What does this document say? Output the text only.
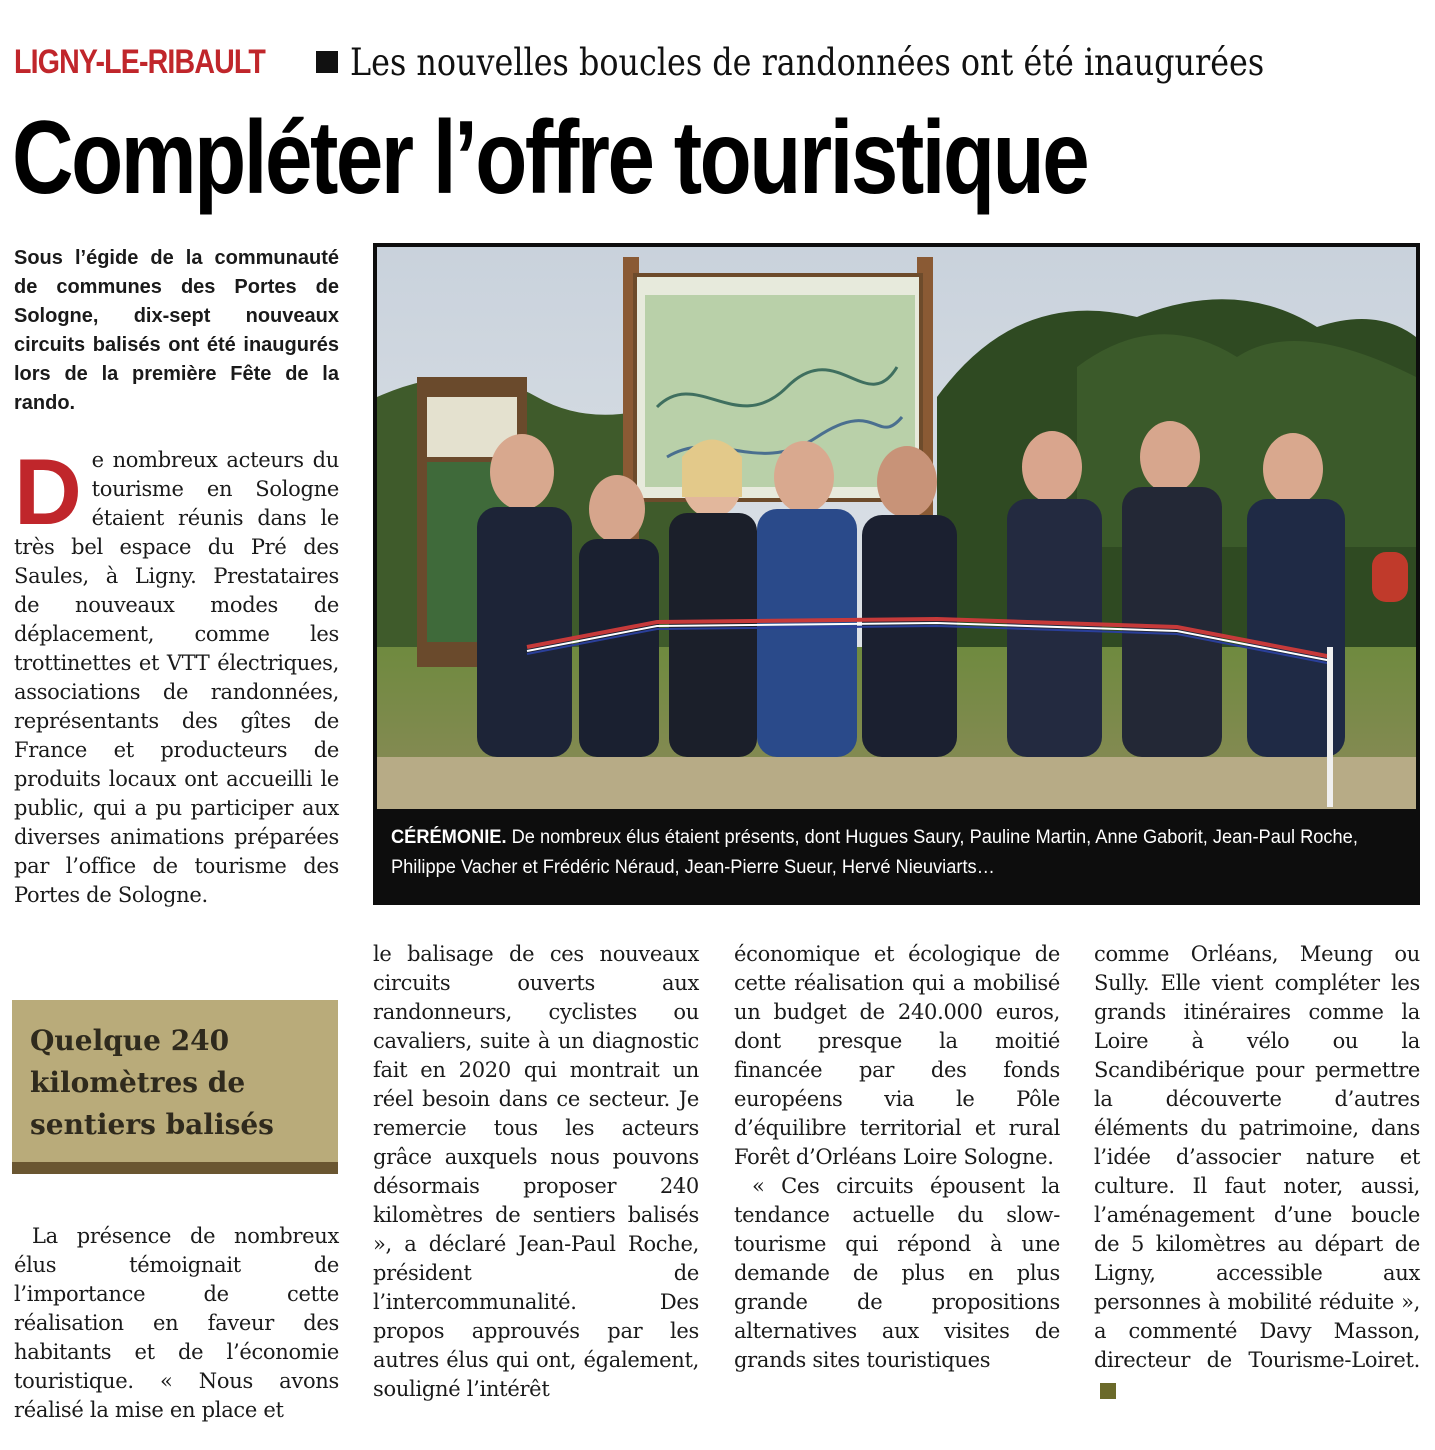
LIGNY-LE-RIBAULT Les nouvelles boucles de randonnées ont été inaugurées
Compléter l’offre touristique
Sous l’égide de la communauté de communes des Portes de Sologne, dix-sept nouveaux circuits balisés ont été inaugurés lors de la première Fête de la rando.

D e nombreux acteurs du tourisme en Sologne étaient réunis dans le très bel espace du Pré des Saules, à Ligny. Prestataires de nouveaux modes de déplacement, comme les trottinettes et VTT électriques, associations de randonnées, représentants des gîtes de France et producteurs de produits locaux ont accueilli le public, qui a pu participer aux diverses animations préparées par l’office de tourisme des Portes de Sologne.

Quelque 240 kilomètres de sentiers balisés

La présence de nombreux élus témoignait de l’importance de cette réalisation en faveur des habitants et de l’économie touristique. « Nous avons réalisé la mise en place et

le balisage de ces nouveaux circuits ouverts aux randonneurs, cyclistes ou cavaliers, suite à un diagnostic fait en 2020 qui montrait un réel besoin dans ce secteur. Je remercie tous les acteurs grâce auxquels nous pouvons désormais proposer 240 kilomètres de sentiers balisés », a déclaré Jean-Paul Roche, président de l’intercommunalité. Des propos approuvés par les autres élus qui ont, également, souligné l’intérêt

économique et écologique de cette réalisation qui a mobilisé un budget de 240.000 euros, dont presque la moitié financée par des fonds européens via le Pôle d’équilibre territorial et rural Forêt d’Orléans Loire Sologne.

« Ces circuits épousent la tendance actuelle du slow-tourisme qui répond à une demande de plus en plus grande de propositions alternatives aux visites de grands sites touristiques

comme Orléans, Meung ou Sully. Elle vient compléter les grands itinéraires comme la Loire à vélo ou la Scandibérique pour permettre la découverte d’autres éléments du patrimoine, dans l’idée d’associer nature et culture. Il faut noter, aussi, l’aménagement d’une boucle de 5 kilomètres au départ de Ligny, accessible aux personnes à mobilité réduite », a commenté Davy Masson, directeur de Tourisme-Loiret.

CÉRÉMONIE. De nombreux élus étaient présents, dont Hugues Saury, Pauline Martin, Anne Gaborit, Jean-Paul Roche, Philippe Vacher et Frédéric Néraud, Jean-Pierre Sueur, Hervé Nieuviarts…
